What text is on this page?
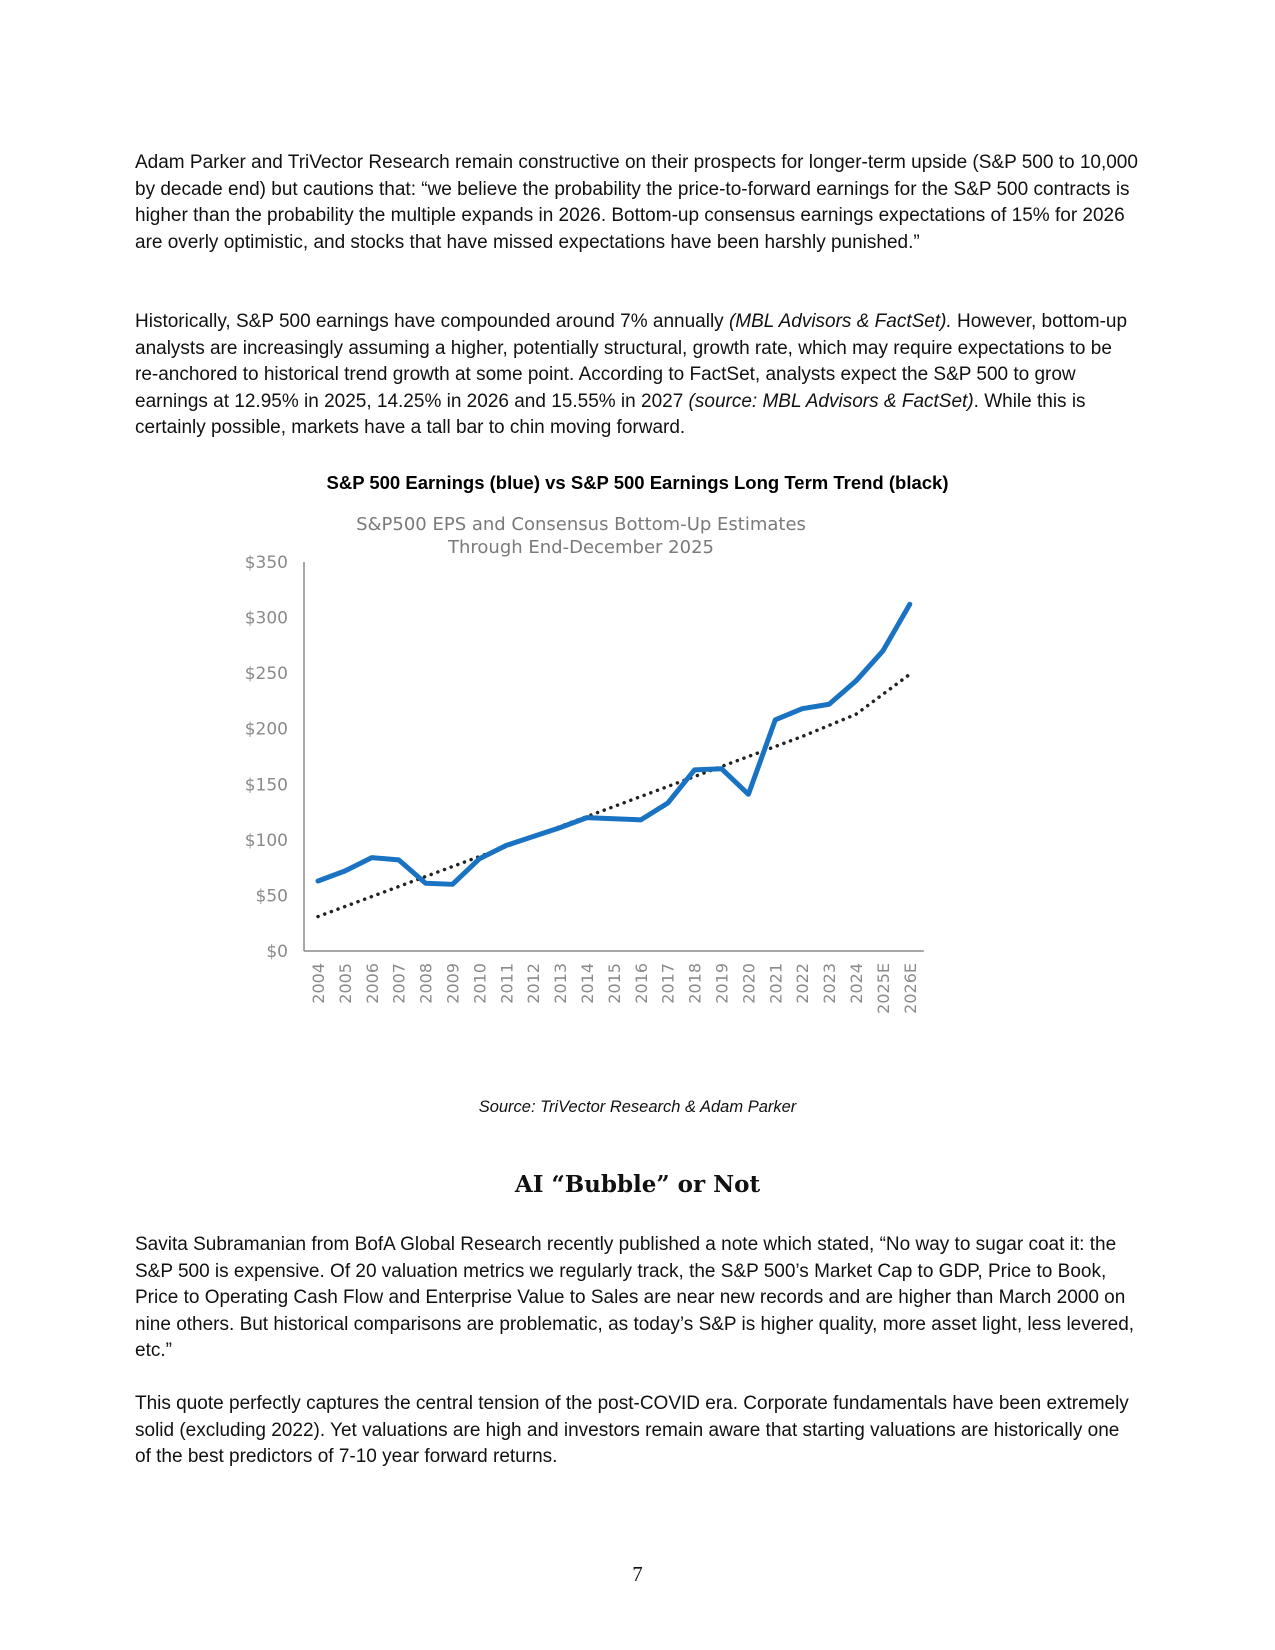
Adam Parker and TriVector Research remain constructive on their prospects for longer-term upside (S&P 500 to 10,000 by decade end) but cautions that: “we believe the probability the price-to-forward earnings for the S&P 500 contracts is higher than the probability the multiple expands in 2026. Bottom-up consensus earnings expectations of 15% for 2026 are overly optimistic, and stocks that have missed expectations have been harshly punished.”

Historically, S&P 500 earnings have compounded around 7% annually (MBL Advisors & FactSet). However, bottom-up analysts are increasingly assuming a higher, potentially structural, growth rate, which may require expectations to be re-anchored to historical trend growth at some point. According to FactSet, analysts expect the S&P 500 to grow earnings at 12.95% in 2025, 14.25% in 2026 and 15.55% in 2027 (source: MBL Advisors & FactSet). While this is certainly possible, markets have a tall bar to chin moving forward.

S&P 500 Earnings (blue) vs S&P 500 Earnings Long Term Trend (black)
S&P500 EPS and Consensus Bottom-Up Estimates
Through End-December 2025
$0
$50
$100
$150
$200
$250
$300
$350
2004 2005 2006 2007 2008 2009 2010 2011 2012 2013 2014 2015 2016 2017 2018 2019 2020 2021 2022 2023 2024 2025E 2026E
Source: TriVector Research & Adam Parker
AI “Bubble” or Not

Savita Subramanian from BofA Global Research recently published a note which stated, “No way to sugar coat it: the S&P 500 is expensive. Of 20 valuation metrics we regularly track, the S&P 500’s Market Cap to GDP, Price to Book, Price to Operating Cash Flow and Enterprise Value to Sales are near new records and are higher than March 2000 on nine others. But historical comparisons are problematic, as today’s S&P is higher quality, more asset light, less levered, etc.”

This quote perfectly captures the central tension of the post-COVID era. Corporate fundamentals have been extremely solid (excluding 2022). Yet valuations are high and investors remain aware that starting valuations are historically one of the best predictors of 7-10 year forward returns.

7
